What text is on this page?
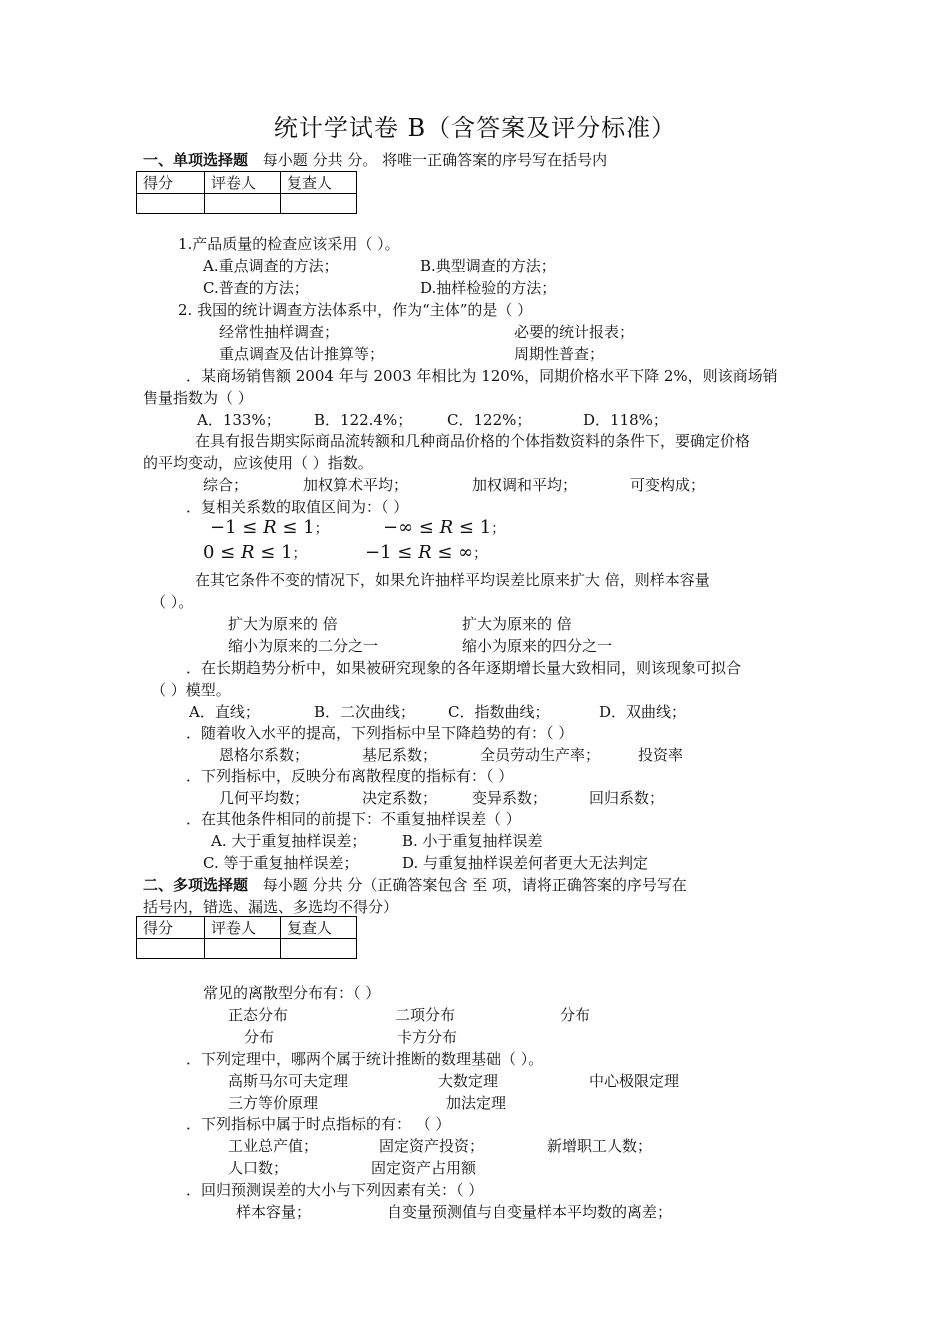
统计学试卷 B（含答案及评分标准）
一、单项选择题 每小题 分共 分。 将唯一正确答案的序号写在括号内
得分	评卷人	复查人

1.产品质量的检查应该采用（ ）。
A.重点调查的方法；	B.典型调查的方法；
C.普查的方法；	D.抽样检验的方法；
2. 我国的统计调查方法体系中，作为“主体”的是（ ）
经常性抽样调查；	必要的统计报表；
重点调查及估计推算等；	周期性普查；
．某商场销售额 2004 年与 2003 年相比为 120%，同期价格水平下降 2%，则该商场销
售量指数为（ ）
A．133%； B．122.4%； C．122%；	D．118%；
在具有报告期实际商品流转额和几种商品价格的个体指数资料的条件下，要确定价格
的平均变动，应该使用（ ）指数。
综合；	加权算术平均；	加权调和平均；	可变构成；
．复相关系数的取值区间为：（ ）
−1 ≤ R ≤ 1；	−∞ ≤ R ≤ 1；
0 ≤ R ≤ 1；	−1 ≤ R ≤ ∞；
在其它条件不变的情况下，如果允许抽样平均误差比原来扩大 倍，则样本容量
（ ）。
扩大为原来的 倍	扩大为原来的 倍
缩小为原来的二分之一	缩小为原来的四分之一
．在长期趋势分析中，如果被研究现象的各年逐期增长量大致相同，则该现象可拟合
（ ）模型。
A．直线；	B．二次曲线； C．指数曲线；	D．双曲线；
．随着收入水平的提高，下列指标中呈下降趋势的有：（ ）
恩格尔系数；	基尼系数；	全员劳动生产率；	投资率
．下列指标中，反映分布离散程度的指标有：（ ）
几何平均数；	决定系数； 变异系数；	回归系数；
．在其他条件相同的前提下：不重复抽样误差（ ）
A. 大于重复抽样误差； B. 小于重复抽样误差
C. 等于重复抽样误差；	D. 与重复抽样误差何者更大无法判定
二、多项选择题 每小题 分共 分（正确答案包含 至 项，请将正确答案的序号写在
括号内，错选、漏选、多选均不得分）
得分	评卷人	复查人

常见的离散型分布有：（ ）
正态分布	二项分布	分布
分布	卡方分布
．下列定理中，哪两个属于统计推断的数理基础（ ）。
高斯马尔可夫定理	大数定理	中心极限定理
三方等价原理	加法定理
．下列指标中属于时点指标的有： （ ）
工业总产值；	固定资产投资；	新增职工人数；
人口数；	固定资产占用额
．回归预测误差的大小与下列因素有关：（ ）
样本容量；	自变量预测值与自变量样本平均数的离差；
